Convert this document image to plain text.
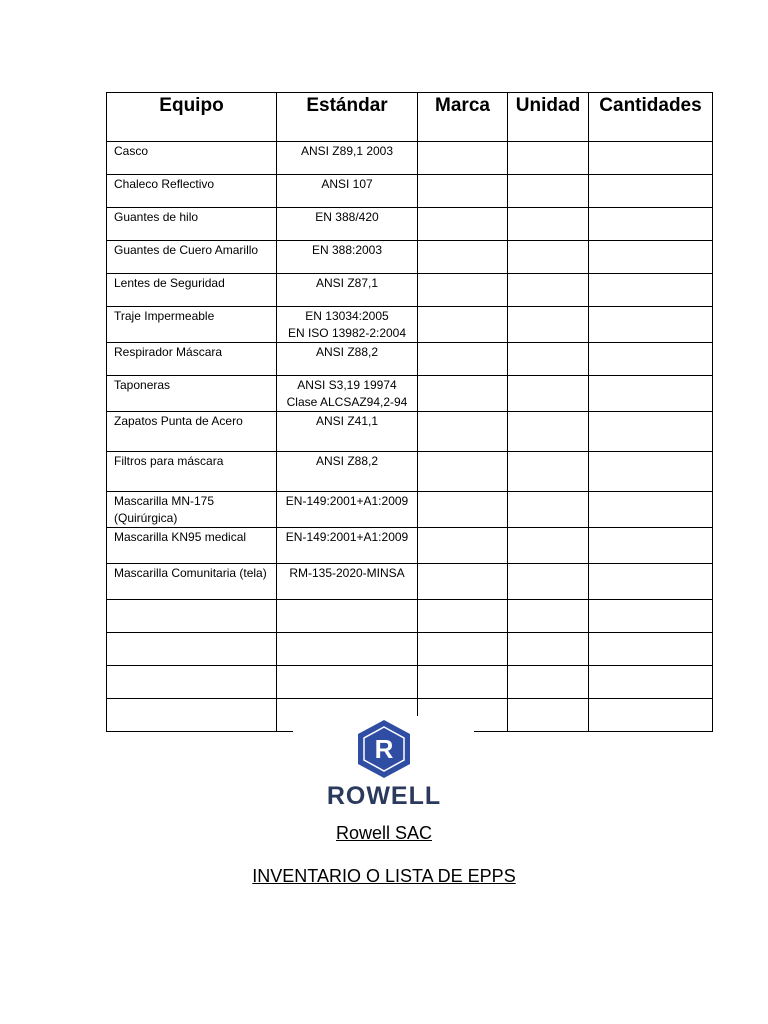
Equipo	Estándar	Marca	Unidad	Cantidades
Casco	ANSI Z89,1 2003			
Chaleco Reflectivo	ANSI 107			
Guantes de hilo	EN 388/420			
Guantes de Cuero Amarillo	EN 388:2003			
Lentes de Seguridad	ANSI Z87,1			
Traje Impermeable	EN 13034:2005
EN ISO 13982-2:2004			
Respirador Máscara	ANSI Z88,2			
Taponeras	ANSI S3,19 19974
Clase ALCSAZ94,2-94			
Zapatos Punta de Acero	ANSI Z41,1			
Filtros para máscara	ANSI Z88,2			
Mascarilla MN-175 (Quirúrgica)	EN-149:2001+A1:2009			
Mascarilla KN95 medical	EN-149:2001+A1:2009			
Mascarilla Comunitaria (tela)	RM-135-2020-MINSA			

R
ROWELL

Rowell SAC

INVENTARIO O LISTA DE EPPS
